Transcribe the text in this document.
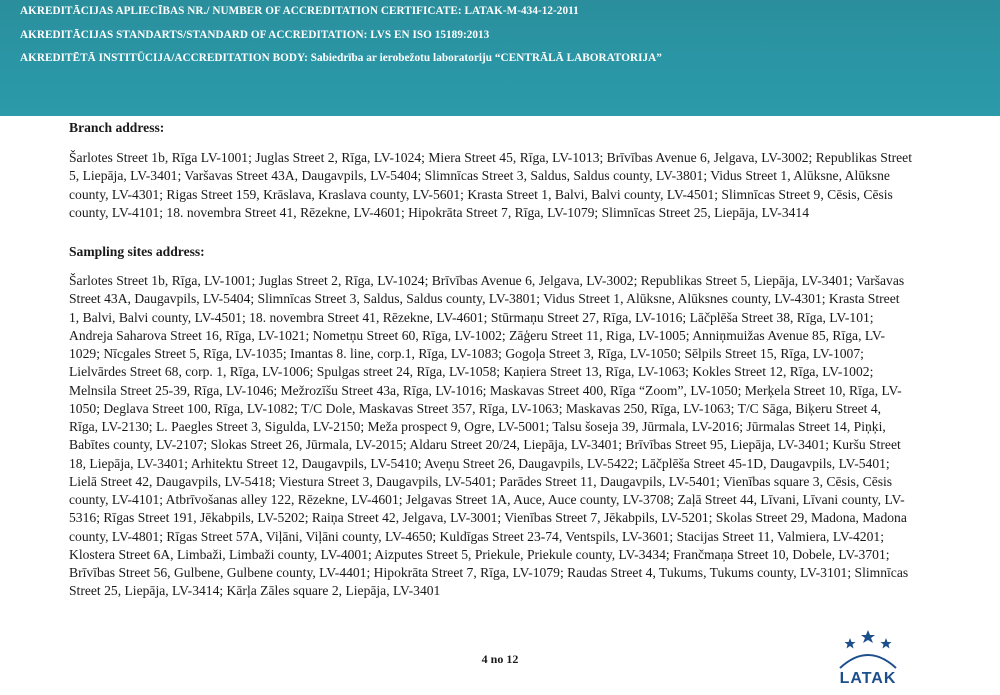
AKREDITĀCIJAS APLIECĪBAS NR./ NUMBER OF ACCREDITATION CERTIFICATE: LATAK-M-434-12-2011
AKREDITĀCIJAS STANDARTS/STANDARD OF ACCREDITATION: LVS EN ISO 15189:2013
AKREDITĒTĀ INSTITŪCIJA/ACCREDITATION BODY: Sabiedrība ar ierobežotu laboratoriju “CENTRĀLĀ LABORATORIJA”

Branch address:

Šarlotes Street 1b, Rīga LV-1001; Juglas Street 2, Rīga, LV-1024; Miera Street 45, Rīga, LV-1013; Brīvības Avenue 6, Jelgava, LV-3002; Republikas Street 5, Liepāja, LV-3401; Varšavas Street 43A, Daugavpils, LV-5404; Slimnīcas Street 3, Saldus, Saldus county, LV-3801; Vidus Street 1, Alūksne, Alūksne county, LV-4301; Rigas Street 159, Krāslava, Kraslava county, LV-5601; Krasta Street 1, Balvi, Balvi county, LV-4501; Slimnīcas Street 9, Cēsis, Cēsis county, LV-4101; 18. novembra Street 41, Rēzekne, LV-4601; Hipokrāta Street 7, Rīga, LV-1079; Slimnīcas Street 25, Liepāja, LV-3414

Sampling sites address:

Šarlotes Street 1b, Rīga, LV-1001; Juglas Street 2, Rīga, LV-1024; Brīvības Avenue 6, Jelgava, LV-3002; Republikas Street 5, Liepāja, LV-3401; Varšavas Street 43A, Daugavpils, LV-5404; Slimnīcas Street 3, Saldus, Saldus county, LV-3801; Vidus Street 1, Alūksne, Alūksnes county, LV-4301; Krasta Street 1, Balvi, Balvi county, LV-4501; 18. novembra Street 41, Rēzekne, LV-4601; Stūrmaņu Street 27, Rīga, LV-1016; Lāčplēša Street 38, Rīga, LV-101; Andreja Saharova Street 16, Rīga, LV-1021; Nometņu Street 60, Rīga, LV-1002; Zāģeru Street 11, Riga, LV-1005; Anniņmuižas Avenue 85, Rīga, LV-1029; Nīcgales Street 5, Rīga, LV-1035; Imantas 8. line, corp.1, Rīga, LV-1083; Gogoļa Street 3, Rīga, LV-1050; Sēlpils Street 15, Rīga, LV-1007; Lielvārdes Street 68, corp. 1, Rīga, LV-1006; Spulgas street 24, Rīga, LV-1058; Kaņiera Street 13, Rīga, LV-1063; Kokles Street 12, Rīga, LV-1002; Melnsila Street 25-39, Rīga, LV-1046; Mežrozīšu Street 43a, Rīga, LV-1016; Maskavas Street 400, Rīga “Zoom”, LV-1050; Merķela Street 10, Rīga, LV-1050; Deglava Street 100, Rīga, LV-1082; T/C Dole, Maskavas Street 357, Rīga, LV-1063; Maskavas 250, Rīga, LV-1063; T/C Sāga, Biķeru Street 4, Rīga, LV-2130; L. Paegles Street 3, Sigulda, LV-2150; Meža prospect 9, Ogre, LV-5001; Talsu šoseja 39, Jūrmala, LV-2016; Jūrmalas Street 14, Piņķi, Babītes county, LV-2107; Slokas Street 26, Jūrmala, LV-2015; Aldaru Street 20/24, Liepāja, LV-3401; Brīvības Street 95, Liepāja, LV-3401; Kuršu Street 18, Liepāja, LV-3401; Arhitektu Street 12, Daugavpils, LV-5410; Aveņu Street 26, Daugavpils, LV-5422; Lāčplēša Street 45-1D, Daugavpils, LV-5401; Lielā Street 42, Daugavpils, LV-5418; Viestura Street 3, Daugavpils, LV-5401; Parādes Street 11, Daugavpils, LV-5401; Vienības square 3, Cēsis, Cēsis county, LV-4101; Atbrīvošanas alley 122, Rēzekne, LV-4601; Jelgavas Street 1A, Auce, Auce county, LV-3708; Zaļā Street 44, Līvani, Līvani county, LV-5316; Rīgas Street 191, Jēkabpils, LV-5202; Raiņa Street 42, Jelgava, LV-3001; Vienības Street 7, Jēkabpils, LV-5201; Skolas Street 29, Madona, Madona county, LV-4801; Rīgas Street 57A, Viļāni, Viļāni county, LV-4650; Kuldīgas Street 23-74, Ventspils, LV-3601; Stacijas Street 11, Valmiera, LV-4201; Klostera Street 6A, Limbaži, Limbaži county, LV-4001; Aizputes Street 5, Priekule, Priekule county, LV-3434; Frančmaņa Street 10, Dobele, LV-3701; Brīvības Street 56, Gulbene, Gulbene county, LV-4401; Hipokrāta Street 7, Rīga, LV-1079; Raudas Street 4, Tukums, Tukums county, LV-3101; Slimnīcas Street 25, Liepāja, LV-3414; Kārļa Zāles square 2, Liepāja, LV-3401

4 no 12
LATAK
